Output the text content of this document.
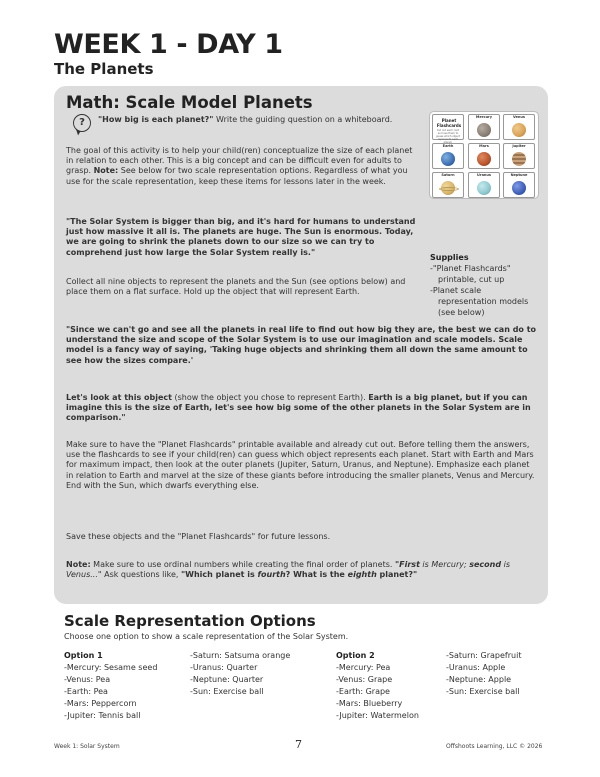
WEEK 1 - DAY 1
The Planets
Math: Scale Model Planets
?	"How big is each planet?" Write the guiding question on a whiteboard.
The goal of this activity is to help your child(ren) conceptualize the size of each planet in relation to each other. This is a big concept and can be difficult even for adults to grasp. Note: See below for two scale representation options. Regardless of what you use for the scale representation, keep these items for lessons later in the week.
"The Solar System is bigger than big, and it's hard for humans to understand just how massive it all is. The planets are huge. The Sun is enormous. Today, we are going to shrink the planets down to our size so we can try to comprehend just how large the Solar System really is."
Collect all nine objects to represent the planets and the Sun (see options below) and place them on a flat surface. Hold up the object that will represent Earth.
"Since we can't go and see all the planets in real life to find out how big they are, the best we can do to understand the size and scope of the Solar System is to use our imagination and scale models. Scale model is a fancy way of saying, 'Taking huge objects and shrinking them all down the same amount to see how the sizes compare.'
Let's look at this object (show the object you chose to represent Earth). Earth is a big planet, but if you can imagine this is the size of Earth, let's see how big some of the other planets in the Solar System are in comparison."
Make sure to have the "Planet Flashcards" printable available and already cut out. Before telling them the answers, use the flashcards to see if your child(ren) can guess which object represents each planet. Start with Earth and Mars for maximum impact, then look at the outer planets (Jupiter, Saturn, Uranus, and Neptune). Emphasize each planet in relation to Earth and marvel at the size of these giants before introducing the smaller planets, Venus and Mercury. End with the Sun, which dwarfs everything else.
Save these objects and the "Planet Flashcards" for future lessons.
Note: Make sure to use ordinal numbers while creating the final order of planets. "First is Mercury; second is Venus..." Ask questions like, "Which planet is fourth? What is the eighth planet?"
Planet Flashcards
Cut out each card and use them to guess which object represents each
Mercury	Venus
Earth	Mars	Jupiter
Saturn	Uranus	Neptune
Supplies
-"Planet Flashcards" printable, cut up
-Planet scale representation models (see below)
Scale Representation Options
Choose one option to show a scale representation of the Solar System.
Option 1
-Mercury: Sesame seed
-Venus: Pea
-Earth: Pea
-Mars: Peppercorn
-Jupiter: Tennis ball
-Saturn: Satsuma orange
-Uranus: Quarter
-Neptune: Quarter
-Sun: Exercise ball
Option 2
-Mercury: Pea
-Venus: Grape
-Earth: Grape
-Mars: Blueberry
-Jupiter: Watermelon
-Saturn: Grapefruit
-Uranus: Apple
-Neptune: Apple
-Sun: Exercise ball
Week 1: Solar System	7	Offshoots Learning, LLC © 2026
